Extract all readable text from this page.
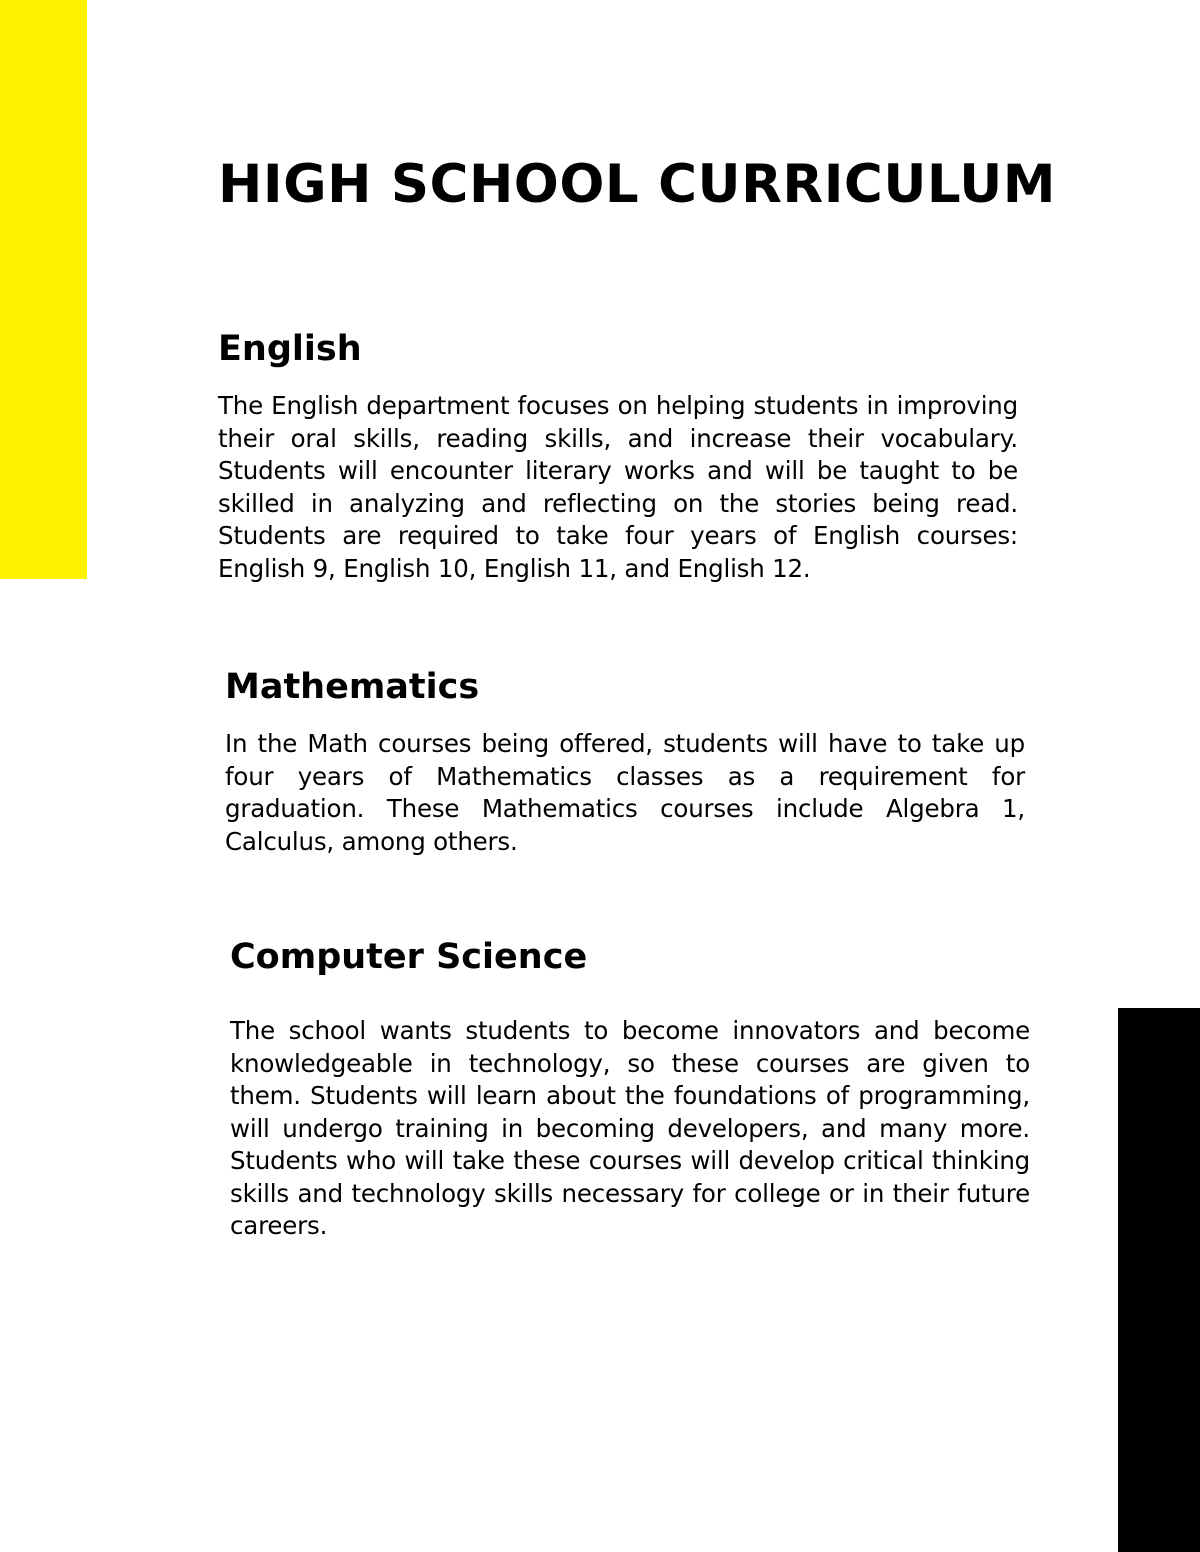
HIGH SCHOOL CURRICULUM
English

The English department focuses on helping students in improving their oral skills, reading skills, and increase their vocabulary. Students will encounter literary works and will be taught to be skilled in analyzing and reflecting on the stories being read. Students are required to take four years of English courses: English 9, English 10, English 11, and English 12.

Mathematics

In the Math courses being offered, students will have to take up four years of Mathematics classes as a requirement for graduation. These Mathematics courses include Algebra 1, Calculus, among others.

Computer Science

The school wants students to become innovators and become knowledgeable in technology, so these courses are given to them. Students will learn about the foundations of programming, will undergo training in becoming developers, and many more. Students who will take these courses will develop critical thinking skills and technology skills necessary for college or in their future careers.
